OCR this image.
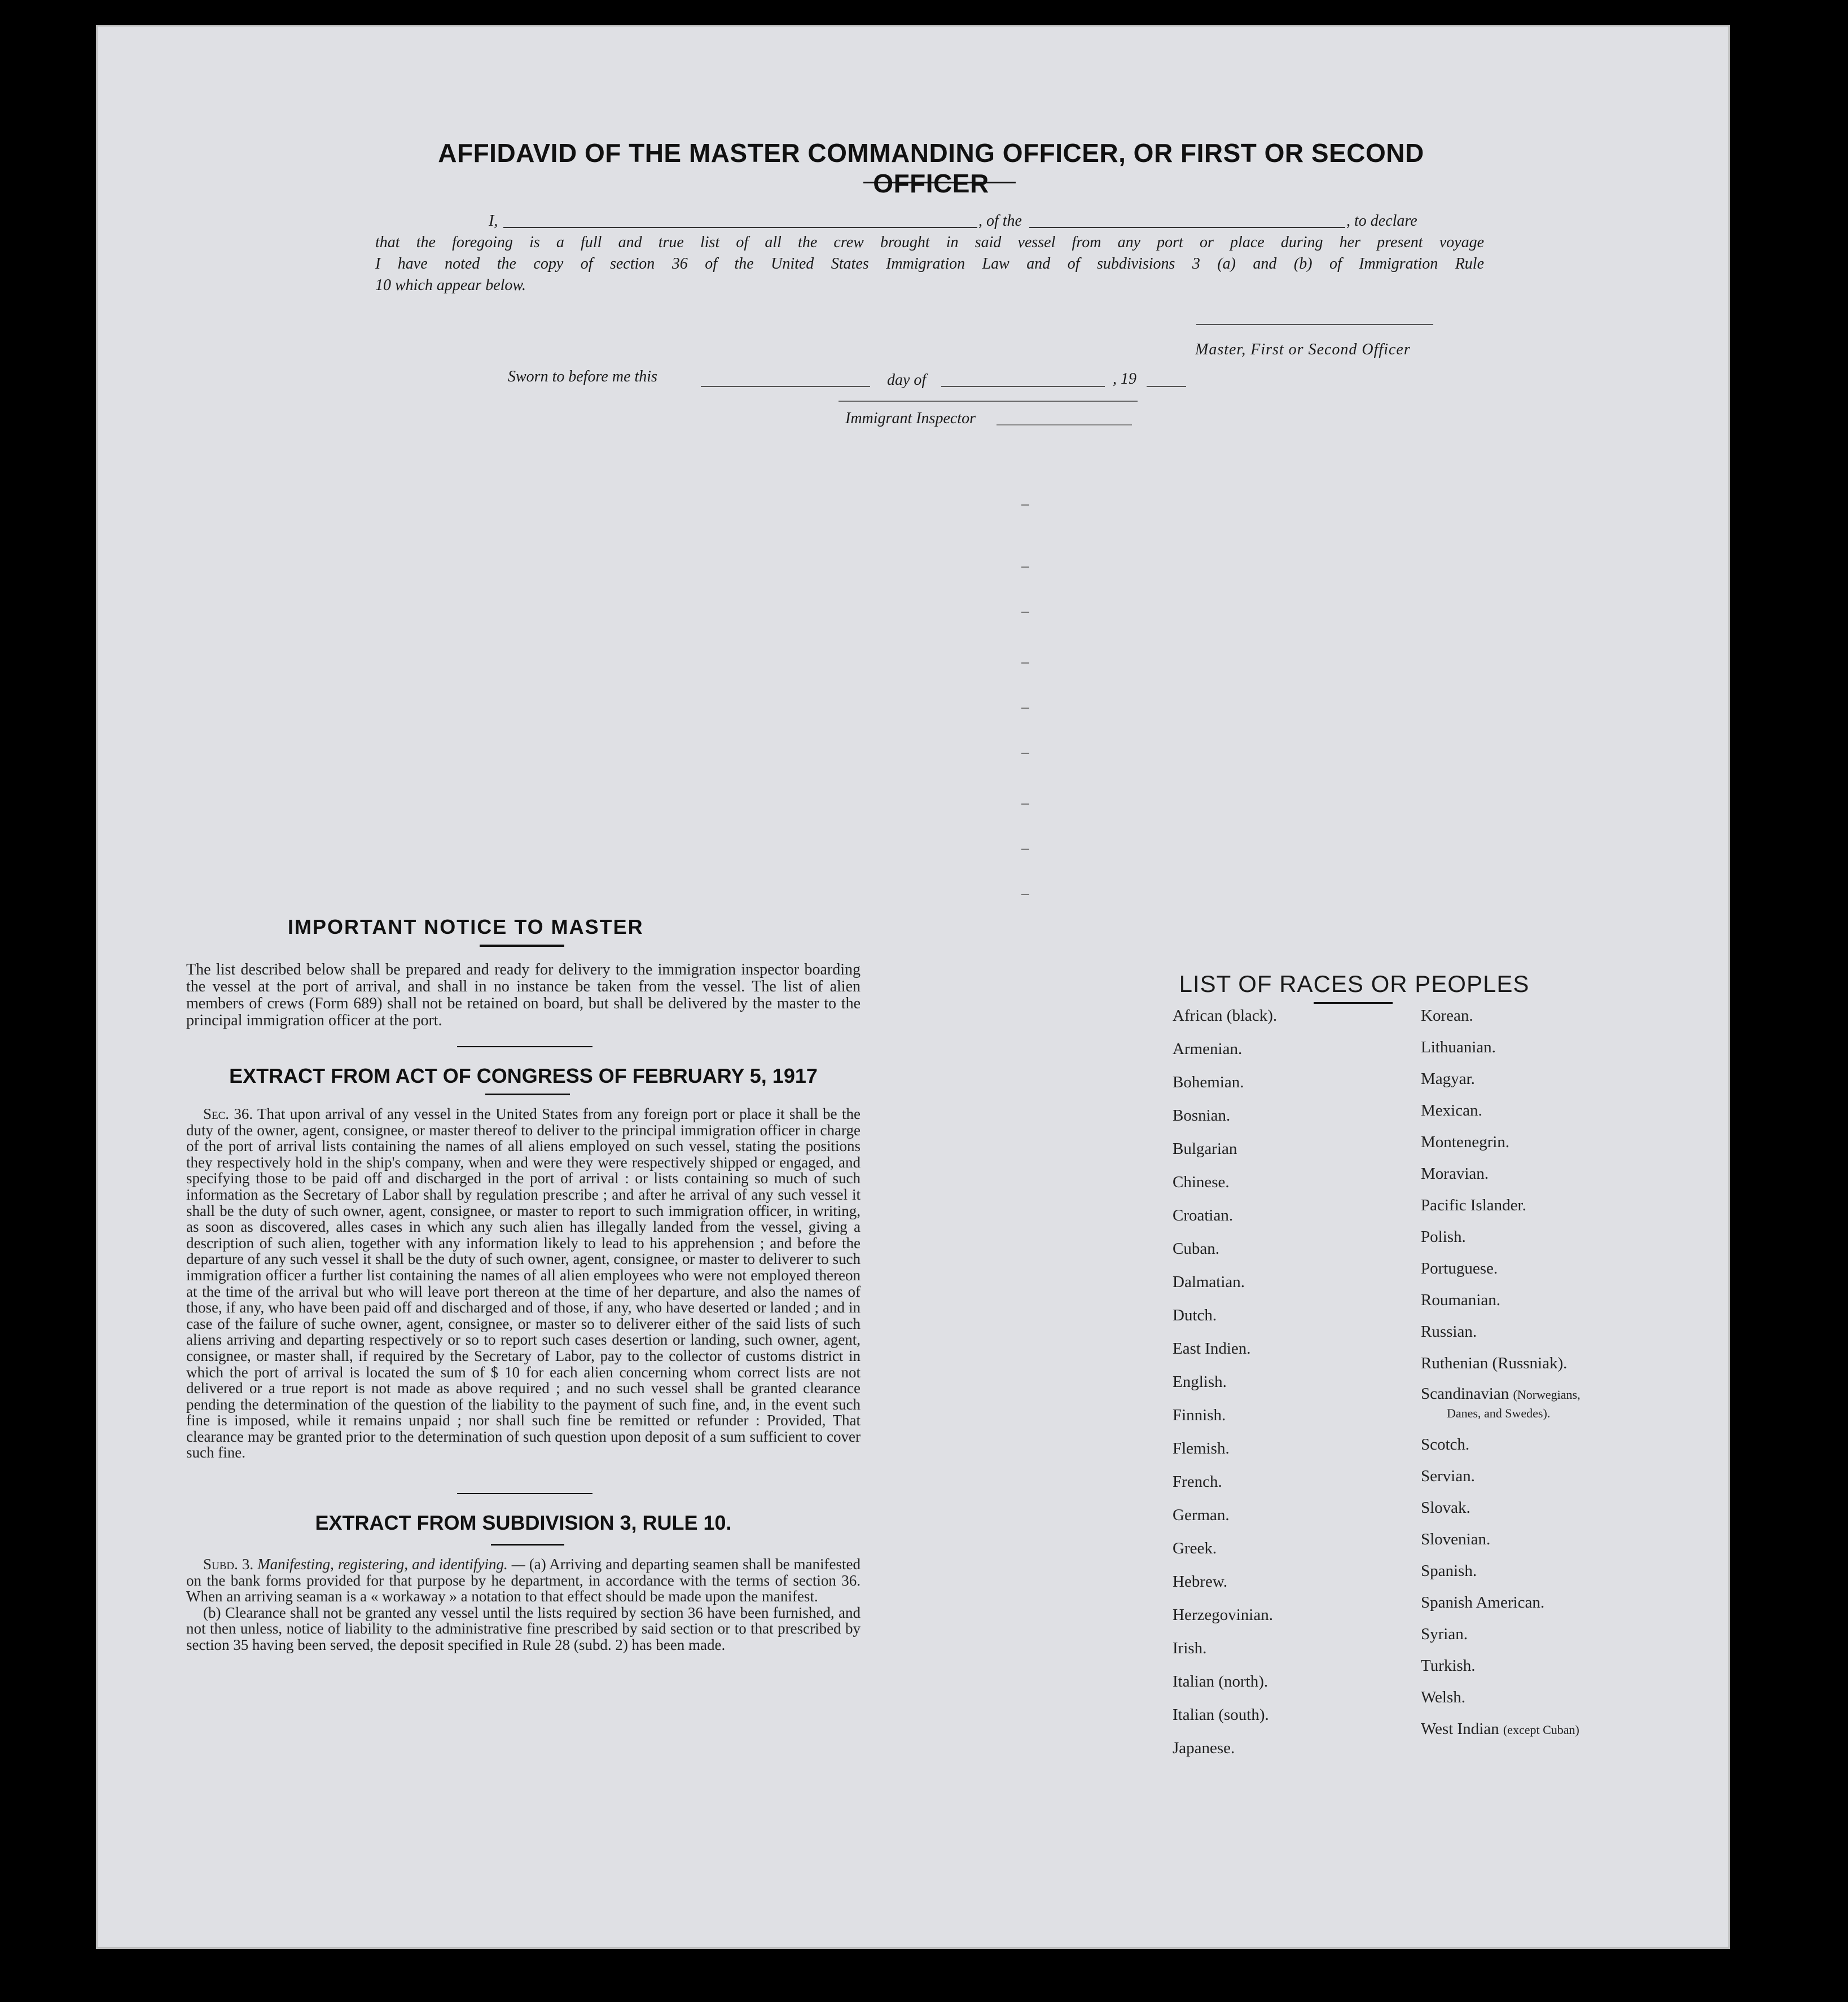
AFFIDAVID OF THE MASTER COMMANDING OFFICER, OR FIRST OR SECOND OFFICER
I,	, of the	, to declare
that the foregoing is a full and true list of all the crew brought in said vessel from any port or place during her present voyage
I have noted the copy of section 36 of the United States Immigration Law and of subdivisions 3 (a) and (b) of Immigration Rule
10 which appear below.
Master, First or Second Officer
Sworn to before me this	day of	, 19
Immigrant Inspector
IMPORTANT NOTICE TO MASTER
The list described below shall be prepared and ready for delivery to the immigration inspector boarding the vessel at the port of arrival, and shall in no instance be taken from the vessel. The list of alien members of crews (Form 689) shall not be retained on board, but shall be delivered by the master to the principal immigration officer at the port.
EXTRACT FROM ACT OF CONGRESS OF FEBRUARY 5, 1917
Sec. 36. That upon arrival of any vessel in the United States from any foreign port or place it shall be the duty of the owner, agent, consignee, or master thereof to deliver to the principal immigration officer in charge of the port of arrival lists containing the names of all aliens employed on such vessel, stating the positions they respectively hold in the ship's company, when and were they were respectively shipped or engaged, and specifying those to be paid off and discharged in the port of arrival : or lists containing so much of such information as the Secretary of Labor shall by regulation prescribe ; and after he arrival of any such vessel it shall be the duty of such owner, agent, consignee, or master to report to such immigration officer, in writing, as soon as discovered, alles cases in which any such alien has illegally landed from the vessel, giving a description of such alien, together with any information likely to lead to his apprehension ; and before the departure of any such vessel it shall be the duty of such owner, agent, consignee, or master to deliverer to such immigration officer a further list containing the names of all alien employees who were not employed thereon at the time of the arrival but who will leave port thereon at the time of her departure, and also the names of those, if any, who have been paid off and discharged and of those, if any, who have deserted or landed ; and in case of the failure of suche owner, agent, consignee, or master so to deliverer either of the said lists of such aliens arriving and departing respectively or so to report such cases desertion or landing, such owner, agent, consignee, or master shall, if required by the Secretary of Labor, pay to the collector of customs district in which the port of arrival is located the sum of $ 10 for each alien concerning whom correct lists are not delivered or a true report is not made as above required ; and no such vessel shall be granted clearance pending the determination of the question of the liability to the payment of such fine, and, in the event such fine is imposed, while it remains unpaid ; nor shall such fine be remitted or refunder : Provided, That clearance may be granted prior to the determination of such question upon deposit of a sum sufficient to cover such fine.
EXTRACT FROM SUBDIVISION 3, RULE 10.
Subd. 3. Manifesting, registering, and identifying. — (a) Arriving and departing seamen shall be manifested on the bank forms provided for that purpose by he department, in accordance with the terms of section 36. When an arriving seaman is a « workaway » a notation to that effect should be made upon the manifest.
(b) Clearance shall not be granted any vessel until the lists required by section 36 have been furnished, and not then unless, notice of liability to the administrative fine prescribed by said section or to that prescribed by section 35 having been served, the deposit specified in Rule 28 (subd. 2) has been made.
LIST OF RACES OR PEOPLES
African (black).
Armenian.
Bohemian.
Bosnian.
Bulgarian
Chinese.
Croatian.
Cuban.
Dalmatian.
Dutch.
East Indien.
English.
Finnish.
Flemish.
French.
German.
Greek.
Hebrew.
Herzegovinian.
Irish.
Italian (north).
Italian (south).
Japanese.
Korean.
Lithuanian.
Magyar.
Mexican.
Montenegrin.
Moravian.
Pacific Islander.
Polish.
Portuguese.
Roumanian.
Russian.
Ruthenian (Russniak).
Scandinavian (Norwegians,
Danes, and Swedes).
Scotch.
Servian.
Slovak.
Slovenian.
Spanish.
Spanish American.
Syrian.
Turkish.
Welsh.
West Indian (except Cuban)
